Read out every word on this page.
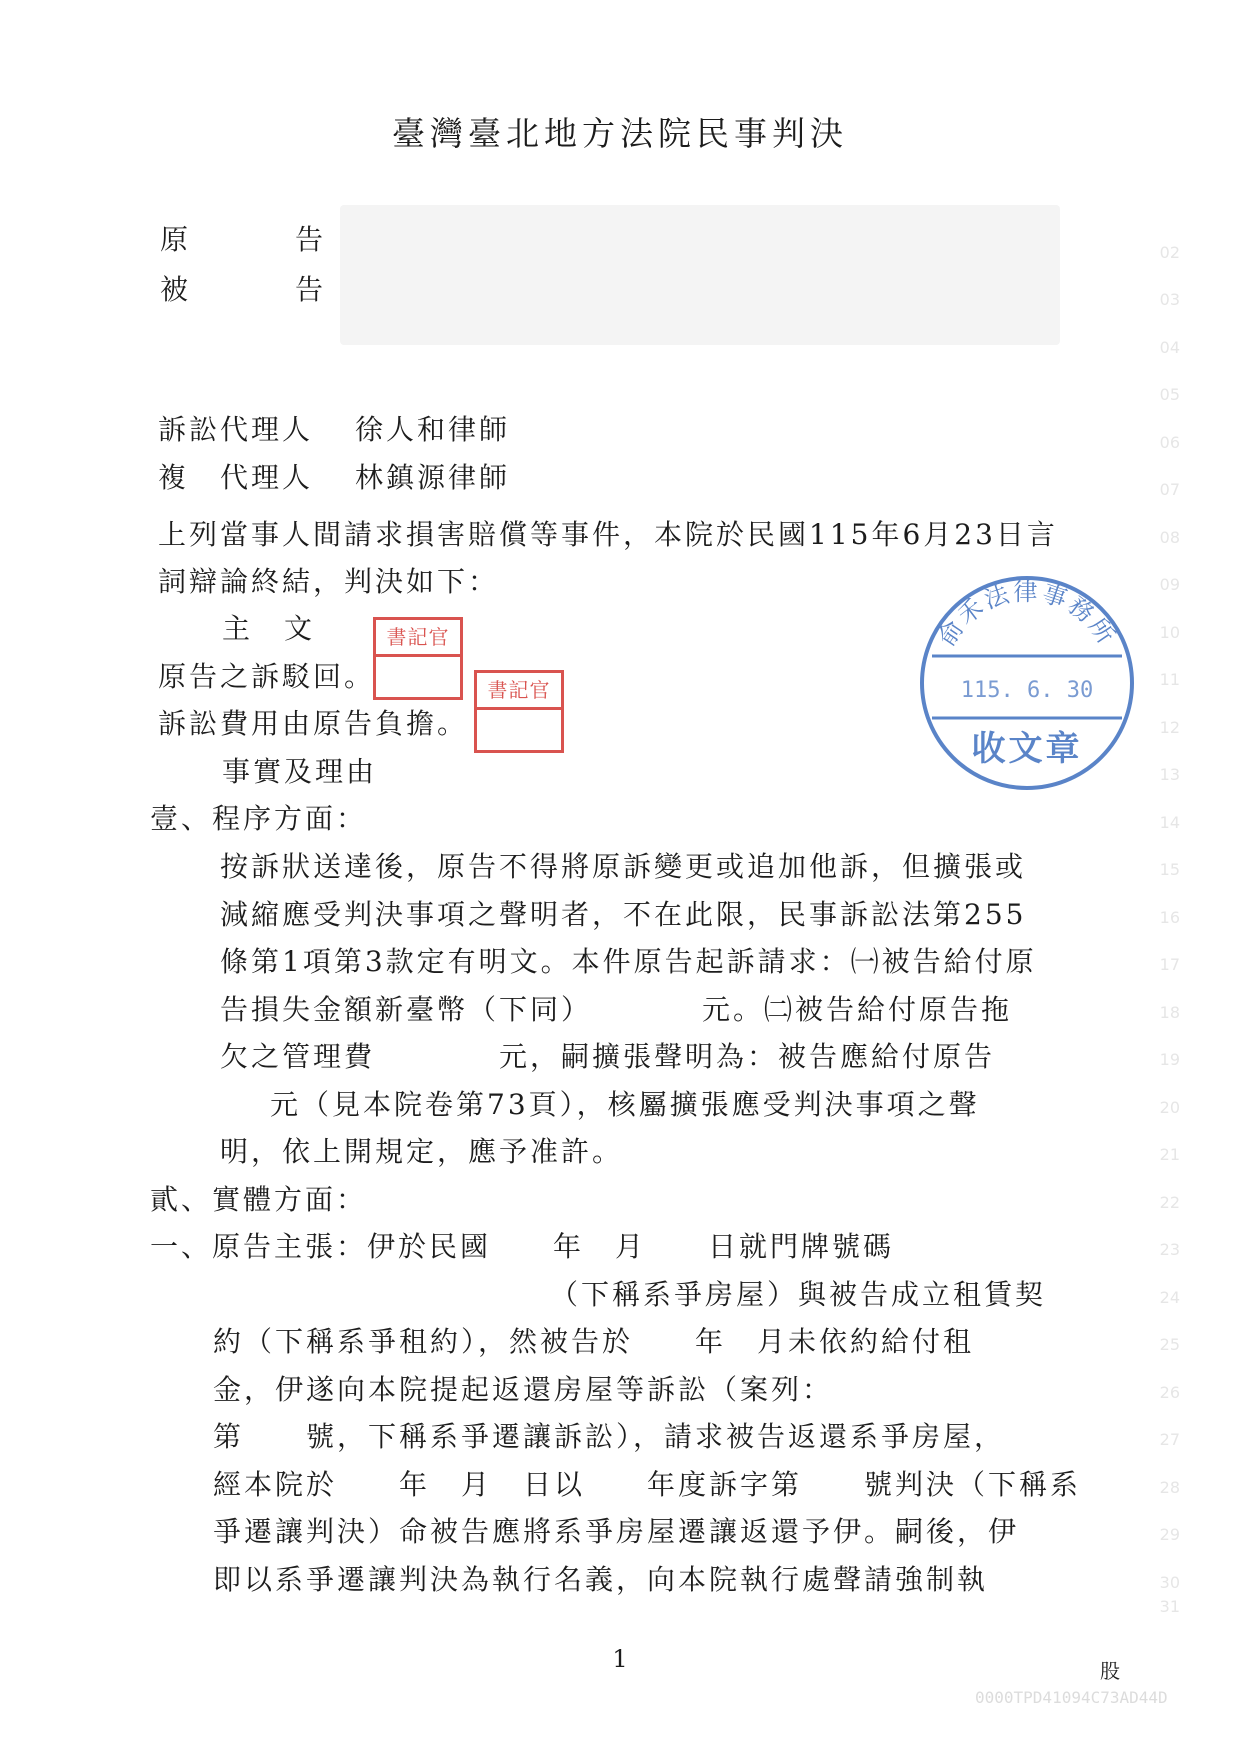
臺灣臺北地方法院民事判決
原	告
被	告
訴訟代理人 徐人和律師
複　代理人 林鎮源律師
上列當事人間請求損害賠償等事件，本院於民國115年6月23日言
詞辯論終結，判決如下：
主　文
原告之訴駁回。
訴訟費用由原告負擔。
事實及理由
壹、程序方面：
按訴狀送達後，原告不得將原訴變更或追加他訴，但擴張或
減縮應受判決事項之聲明者，不在此限，民事訴訟法第255
條第1項第3款定有明文。本件原告起訴請求：㈠被告給付原
告損失金額新臺幣（下同）　　　　元。㈡被告給付原告拖
欠之管理費　　　　元，嗣擴張聲明為：被告應給付原告
元（見本院卷第73頁），核屬擴張應受判決事項之聲
明，依上開規定，應予准許。
貳、實體方面：
一、原告主張：伊於民國　　年　月　　日就門牌號碼
（下稱系爭房屋）與被告成立租賃契
約（下稱系爭租約），然被告於　　年　月未依約給付租
金，伊遂向本院提起返還房屋等訴訟（案列：
第　　號，下稱系爭遷讓訴訟），請求被告返還系爭房屋，
經本院於　　年　月　日以　　年度訴字第　　號判決（下稱系
爭遷讓判決）命被告應將系爭房屋遷讓返還予伊。嗣後，伊
即以系爭遷讓判決為執行名義，向本院執行處聲請強制執
書記官
書記官
俞禾法律事務所
115. 6. 30
收文章
02
03
04
05
06
07
08
09
10
11
12
13
14
15
16
17
18
19
20
21
22
23
24
25
26
27
28
29
30
31
1	股
0000TPD41094C73AD44D
